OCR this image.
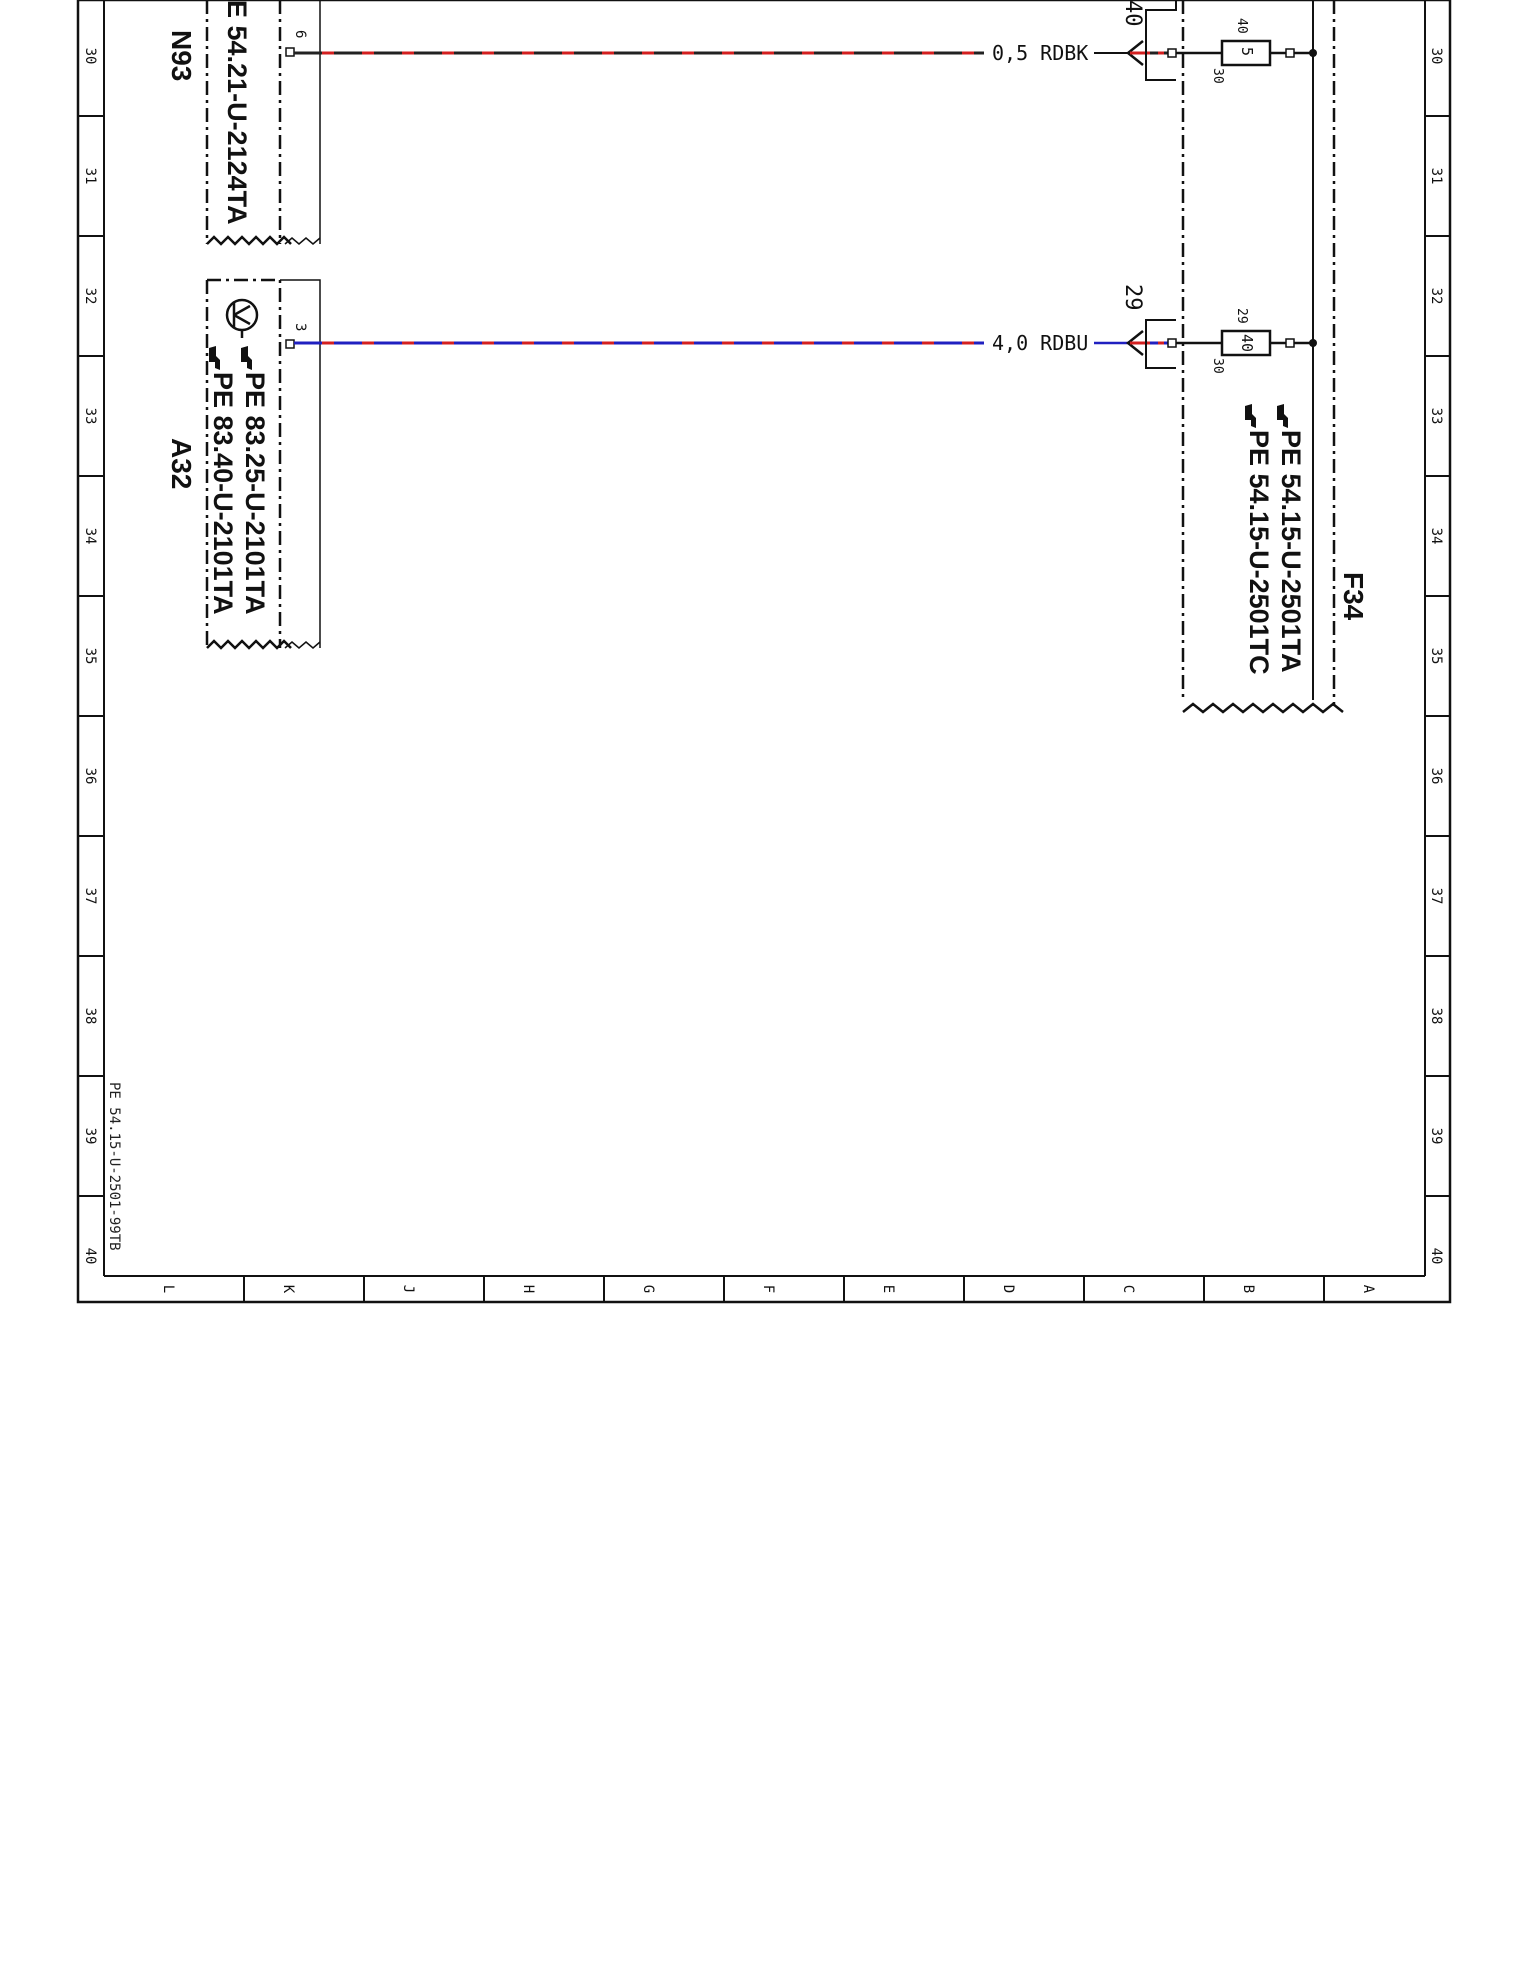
30	30
31	31
32	32
33	33
34	34
35	35
36	36
37	37
38	38
39	39
40	40
L	K	J	H	G	F	E	D	C	B	A
PE 54.15-U-2501-99TB
E 54.21-U-2124TA
N93	6
PE 83.25-U-2101TA
PE 83.40-U-2101TA
A32
3
0,5 RDBK
4,0 RDBU
40
29
5
40
30
40
29
30
PE 54.15-U-2501TA
PE 54.15-U-2501TC F34
